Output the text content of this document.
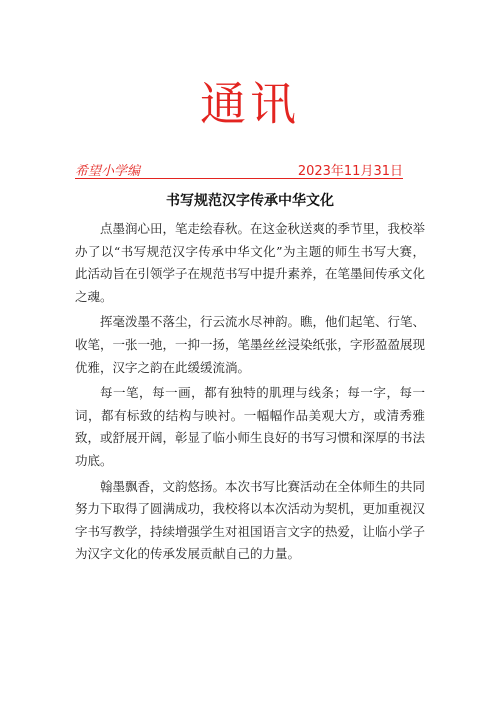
通讯
希望小学编	2023年11月31日
书写规范汉字传承中华文化

点墨润心田，笔走绘春秋。在这金秋送爽的季节里，我校举办了以“书写规范汉字传承中华文化”为主题的师生书写大赛，此活动旨在引领学子在规范书写中提升素养，在笔墨间传承文化之魂。

挥毫泼墨不落尘，行云流水尽神韵。瞧，他们起笔、行笔、收笔，一张一弛，一抑一扬，笔墨丝丝浸染纸张，字形盈盈展现优雅，汉字之韵在此缓缓流淌。

每一笔，每一画，都有独特的肌理与线条；每一字，每一词，都有标致的结构与映衬。一幅幅作品美观大方，或清秀雅致，或舒展开阔，彰显了临小师生良好的书写习惯和深厚的书法功底。

翰墨飘香，文韵悠扬。本次书写比赛活动在全体师生的共同努力下取得了圆满成功，我校将以本次活动为契机，更加重视汉字书写教学，持续增强学生对祖国语言文字的热爱，让临小学子为汉字文化的传承发展贡献自己的力量。
